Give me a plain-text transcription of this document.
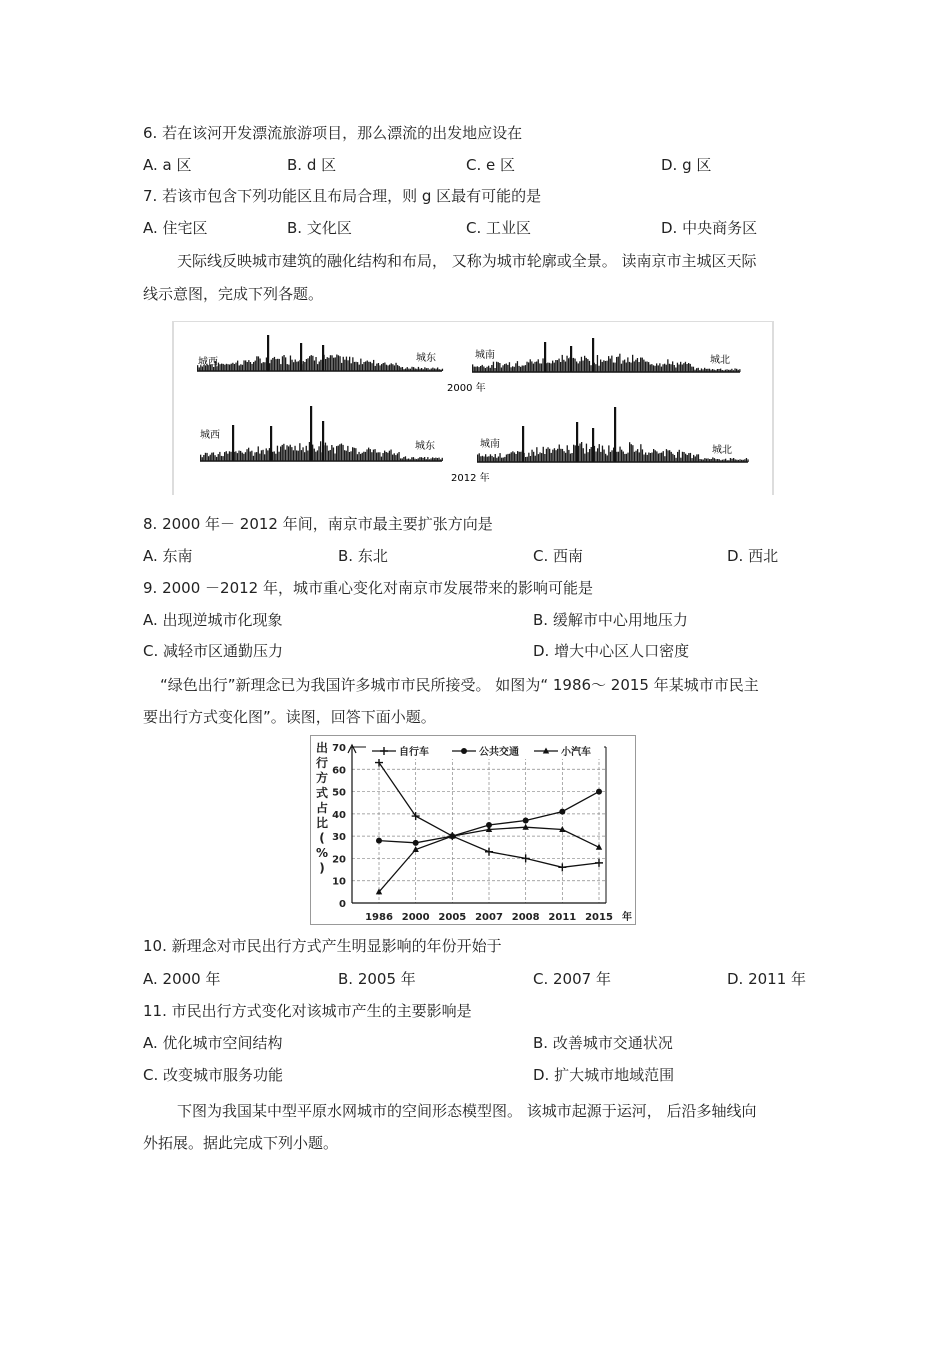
6. 若在该河开发漂流旅游项目，那么漂流的出发地应设在
A. a 区	B. d 区	C. e 区	D. g 区
7. 若该市包含下列功能区且布局合理，则 g 区最有可能的是
A. 住宅区	B. 文化区	C. 工业区	D. 中央商务区
天际线反映城市建筑的融化结构和布局， 又称为城市轮廓或全景。 读南京市主城区天际
线示意图，完成下列各题。
城西	城东	城南	城北
2000 年
城西
城东	城南
城北
2012 年
8. 2000 年－ 2012 年间，南京市最主要扩张方向是
A. 东南	B. 东北	C. 西南	D. 西北
9. 2000 －2012 年，城市重心变化对南京市发展带来的影响可能是
A. 出现逆城市化现象	B. 缓解市中心用地压力
C. 减轻市区通勤压力	D. 增大中心区人口密度
“绿色出行”新理念已为我国许多城市市民所接受。 如图为“ 1986～ 2015 年某城市市民主
要出行方式变化图”。读图，回答下面小题。
出
行
方
式
占
比
(
%
)
0
10
20
30
40
50
60
70
1986 2000 2005 2007 2008 2011 2015 年
自行车	公共交通	小汽车
10. 新理念对市民出行方式产生明显影响的年份开始于
A. 2000 年	B. 2005 年	C. 2007 年	D. 2011 年
11. 市民出行方式变化对该城市产生的主要影响是
A. 优化城市空间结构	B. 改善城市交通状况
C. 改变城市服务功能	D. 扩大城市地域范围
下图为我国某中型平原水网城市的空间形态模型图。 该城市起源于运河， 后沿多轴线向
外拓展。据此完成下列小题。
